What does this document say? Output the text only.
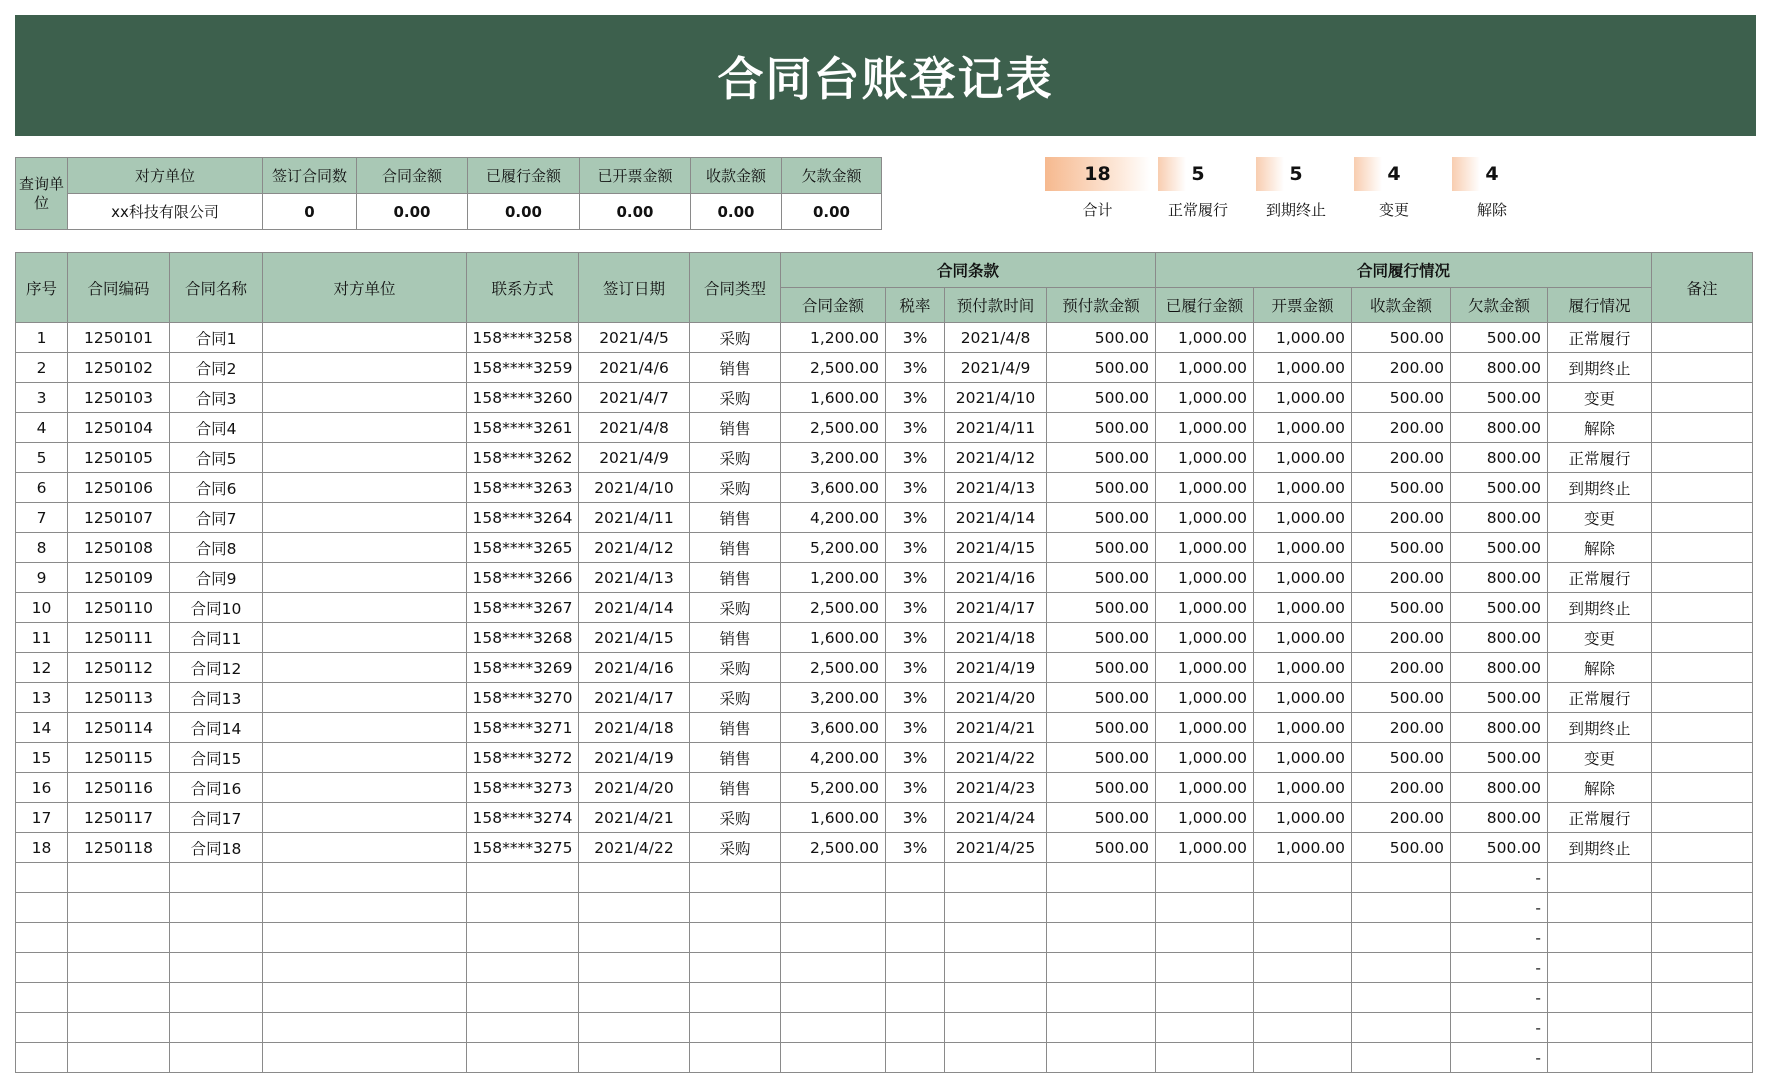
合同台账登记表
查询单位	对方单位	签订合同数	合同金额	已履行金额	已开票金额	收款金额	欠款金额
	xx科技有限公司	0	0.00	0.00	0.00	0.00	0.00
18
合计
5
正常履行
5
到期终止
4
变更
4
解除
序号	合同编码	合同名称	对方单位	联系方式	签订日期	合同类型	合同条款				合同履行情况					备注
							合同金额	税率	预付款时间	预付款金额	已履行金额	开票金额	收款金额	欠款金额	履行情况	
1	1250101	合同1		158****3258	2021/4/5	采购	1,200.00	3%	2021/4/8	500.00	1,000.00	1,000.00	500.00	500.00	正常履行	
2	1250102	合同2		158****3259	2021/4/6	销售	2,500.00	3%	2021/4/9	500.00	1,000.00	1,000.00	200.00	800.00	到期终止	
3	1250103	合同3		158****3260	2021/4/7	采购	1,600.00	3%	2021/4/10	500.00	1,000.00	1,000.00	500.00	500.00	变更	
4	1250104	合同4		158****3261	2021/4/8	销售	2,500.00	3%	2021/4/11	500.00	1,000.00	1,000.00	200.00	800.00	解除	
5	1250105	合同5		158****3262	2021/4/9	采购	3,200.00	3%	2021/4/12	500.00	1,000.00	1,000.00	200.00	800.00	正常履行	
6	1250106	合同6		158****3263	2021/4/10	采购	3,600.00	3%	2021/4/13	500.00	1,000.00	1,000.00	500.00	500.00	到期终止	
7	1250107	合同7		158****3264	2021/4/11	销售	4,200.00	3%	2021/4/14	500.00	1,000.00	1,000.00	200.00	800.00	变更	
8	1250108	合同8		158****3265	2021/4/12	销售	5,200.00	3%	2021/4/15	500.00	1,000.00	1,000.00	500.00	500.00	解除	
9	1250109	合同9		158****3266	2021/4/13	销售	1,200.00	3%	2021/4/16	500.00	1,000.00	1,000.00	200.00	800.00	正常履行	
10	1250110	合同10		158****3267	2021/4/14	采购	2,500.00	3%	2021/4/17	500.00	1,000.00	1,000.00	500.00	500.00	到期终止	
11	1250111	合同11		158****3268	2021/4/15	销售	1,600.00	3%	2021/4/18	500.00	1,000.00	1,000.00	200.00	800.00	变更	
12	1250112	合同12		158****3269	2021/4/16	采购	2,500.00	3%	2021/4/19	500.00	1,000.00	1,000.00	200.00	800.00	解除	
13	1250113	合同13		158****3270	2021/4/17	采购	3,200.00	3%	2021/4/20	500.00	1,000.00	1,000.00	500.00	500.00	正常履行	
14	1250114	合同14		158****3271	2021/4/18	销售	3,600.00	3%	2021/4/21	500.00	1,000.00	1,000.00	200.00	800.00	到期终止	
15	1250115	合同15		158****3272	2021/4/19	销售	4,200.00	3%	2021/4/22	500.00	1,000.00	1,000.00	500.00	500.00	变更	
16	1250116	合同16		158****3273	2021/4/20	销售	5,200.00	3%	2021/4/23	500.00	1,000.00	1,000.00	200.00	800.00	解除	
17	1250117	合同17		158****3274	2021/4/21	采购	1,600.00	3%	2021/4/24	500.00	1,000.00	1,000.00	200.00	800.00	正常履行	
18	1250118	合同18		158****3275	2021/4/22	采购	2,500.00	3%	2021/4/25	500.00	1,000.00	1,000.00	500.00	500.00	到期终止	
														-		
														-		
														-		
														-		
														-		
														-		
														-		
